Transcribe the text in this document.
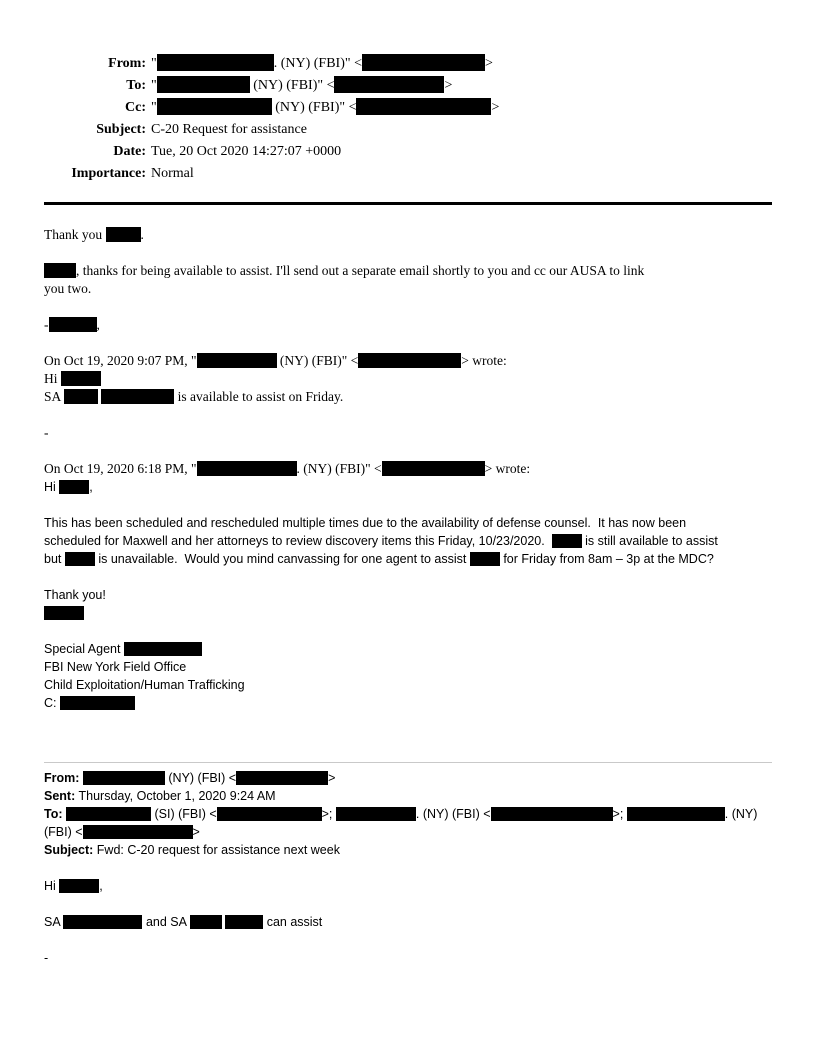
From: "	. (NY) (FBI)" <	>
To: "	(NY) (FBI)" <	>
Cc: "	(NY) (FBI)" <	>
Subject: C-20 Request for assistance
Date: Tue, 20 Oct 2020 14:27:07 +0000
Importance: Normal
Thank you	.

, thanks for being available to assist. I'll send out a separate email shortly to you and cc our AUSA to link
you two.

-	,

On Oct 19, 2020 9:07 PM, "	(NY) (FBI)" <	> wrote:
Hi
SA	is available to assist on Friday.

-

On Oct 19, 2020 6:18 PM, "	. (NY) (FBI)" <	> wrote:
Hi ,

This has been scheduled and rescheduled multiple times due to the availability of defense counsel.  It has now been
scheduled for Maxwell and her attorneys to review discovery items this Friday, 10/23/2020.   is still available to assist
but  is unavailable.  Would you mind canvassing for one agent to assist  for Friday from 8am – 3p at the MDC?

Thank you!

Special Agent
FBI New York Field Office
Child Exploitation/Human Trafficking
C:
From:	(NY) (FBI) <	>
Sent: Thursday, October 1, 2020 9:24 AM
To:	(SI) (FBI) <	>;	. (NY) (FBI) <	>;	. (NY)
(FBI) <	>
Subject: Fwd: C-20 request for assistance next week

Hi	,

SA	and SA	can assist

-
